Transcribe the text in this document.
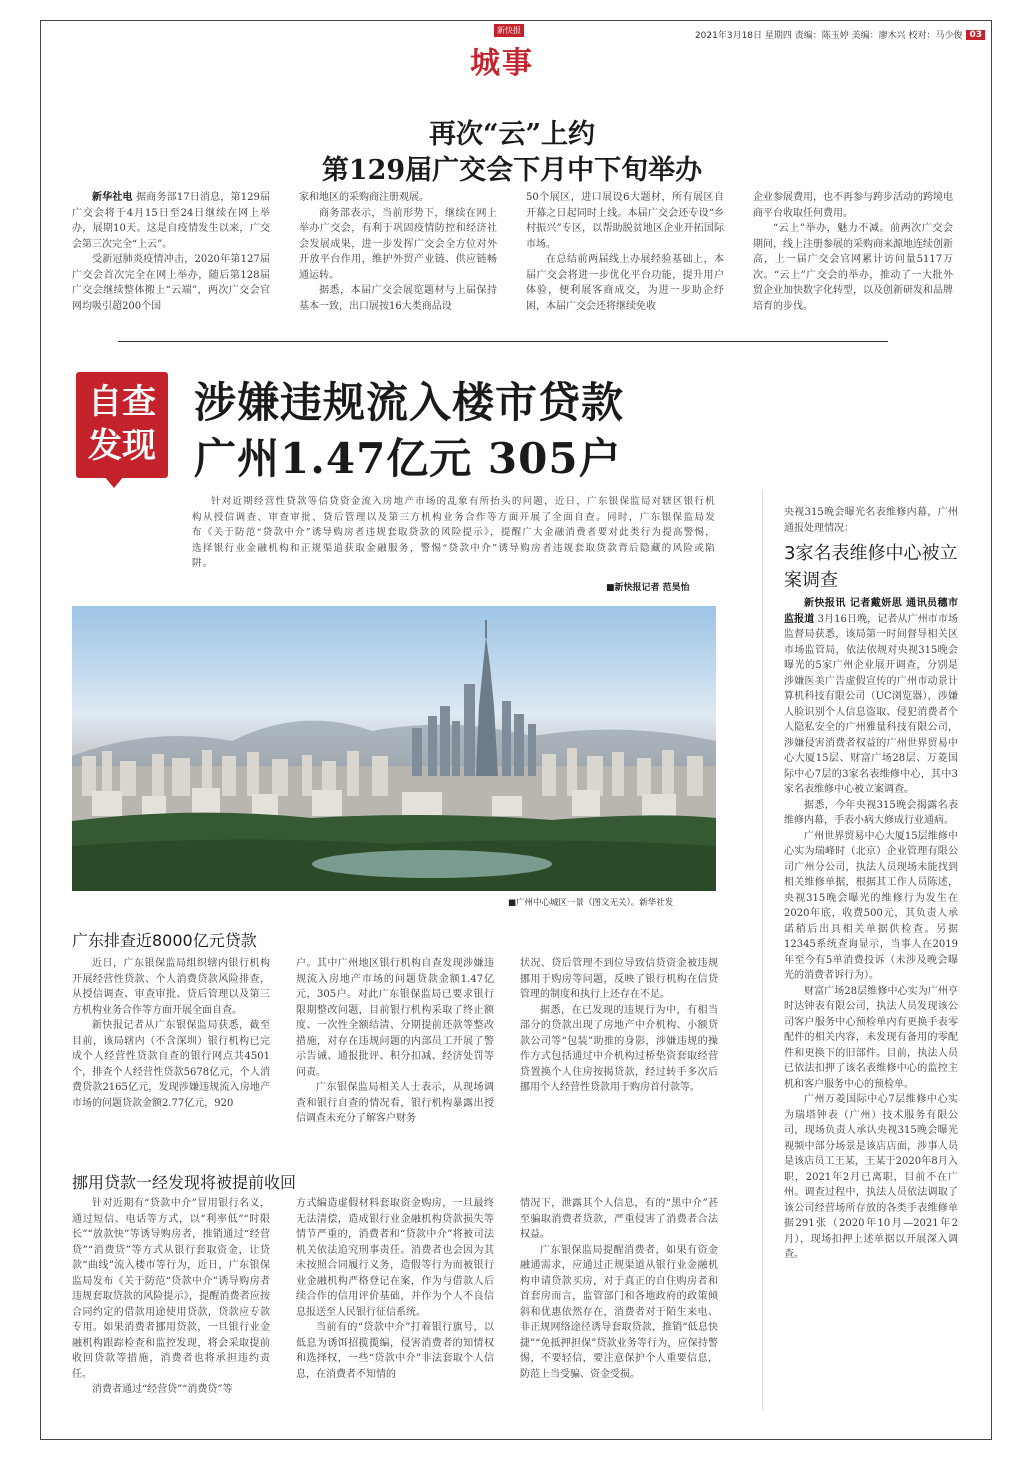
2021年3月18日 星期四 责编：陈玉婷 美编：廖木兴 校对：马少俊 03
新快报
城事
再次“云”上约
第129届广交会下月中下旬举办

新华社电 据商务部17日消息，第129届广交会将于4月15日至24日继续在网上举办，展期10天。这是自疫情发生以来，广交会第三次完全“上云”。

受新冠肺炎疫情冲击，2020年第127届广交会首次完全在网上举办，随后第128届广交会继续整体搬上“云端”，两次广交会官网均吸引超200个国

家和地区的采购商注册观展。

商务部表示，当前形势下，继续在网上举办广交会，有利于巩固疫情防控和经济社会发展成果，进一步发挥广交会全方位对外开放平台作用，维护外贸产业链、供应链畅通运转。

据悉，本届广交会展览题材与上届保持基本一致，出口展按16大类商品设

50个展区，进口展设6大题材，所有展区自开幕之日起同时上线。本届广交会还专设“乡村振兴”专区，以帮助脱贫地区企业开拓国际市场。

在总结前两届线上办展经验基础上，本届广交会将进一步优化平台功能，提升用户体验，便利展客商成交，为进一步助企纾困，本届广交会还将继续免收

企业参展费用，也不再参与跨步活动的跨境电商平台收取任何费用。

“云上”举办，魅力不减。前两次广交会期间，线上注册参展的采购商来源地连续创新高，上一届广交会官网累计访问量5117万次。“云上”广交会的举办，推动了一大批外贸企业加快数字化转型，以及创新研发和品牌培育的步伐。

自查
发现
涉嫌违规流入楼市贷款
广州1.47亿元 305户

针对近期经营性贷款等信贷资金流入房地产市场的乱象有所抬头的问题，近日，广东银保监局对辖区银行机构从授信调查、审查审批、贷后管理以及第三方机构业务合作等方面开展了全面自查。同时，广东银保监局发布《关于防范“贷款中介”诱导购房者违规套取贷款的风险提示》，提醒广大金融消费者要对此类行为提高警惕，选择银行业金融机构和正规渠道获取金融服务，警惕“贷款中介”诱导购房者违规套取贷款背后隐藏的风险或陷阱。

■新快报记者 范昊怡
■广州中心城区一景（图文无关）。新华社发
广东排查近8000亿元贷款

近日，广东银保监局组织辖内银行机构开展经营性贷款、个人消费贷款风险排查，从授信调查、审查审批、贷后管理以及第三方机构业务合作等方面开展全面自查。

新快报记者从广东银保监局获悉，截至目前，该局辖内（不含深圳）银行机构已完成个人经营性贷款自查的银行网点共4501个，排查个人经营性贷款5678亿元，个人消费贷款2165亿元，发现涉嫌违规流入房地产市场的问题贷款金额2.77亿元，920

户。其中广州地区银行机构自查发现涉嫌违规流入房地产市场的问题贷款金额1.47亿元，305户。对此广东银保监局已要求银行限期整改问题，目前银行机构采取了终止额度、一次性全额结清、分期提前还款等整改措施，对存在违规问题的内部员工开展了警示告诫、通报批评、积分扣减、经济处罚等问责。

广东银保监局相关人士表示，从现场调查和银行自查的情况看，银行机构暴露出授信调查未充分了解客户财务

状况、贷后管理不到位导致信贷资金被违规挪用于购房等问题，反映了银行机构在信贷管理的制度和执行上还存在不足。

据悉，在已发现的违规行为中，有相当部分的贷款出现了房地产中介机构、小额贷款公司等“包装”助推的身影，涉嫌违规的操作方式包括通过中介机构过桥垫资套取经营贷置换个人住房按揭贷款，经过转手多次后挪用个人经营性贷款用于购房首付款等。

挪用贷款一经发现将被提前收回

针对近期有“贷款中介”冒用银行名义，通过短信、电话等方式，以“利率低”“时限长”“放款快”等诱导购房者，推销通过“经营贷”“消费贷”等方式从银行套取资金，让贷款“曲线”流入楼市等行为，近日，广东银保监局发布《关于防范“贷款中介”诱导购房者违规套取贷款的风险提示》，提醒消费者应按合同约定的借款用途使用贷款，贷款应专款专用。如果消费者挪用贷款，一旦银行业金融机构跟踪检查和监控发现，将会采取提前收回贷款等措施，消费者也将承担违约责任。

消费者通过“经营贷”“消费贷”等

方式编造虚假材料套取资金购房，一旦最终无法清偿，造成银行业金融机构贷款损失等情节严重的，消费者和“贷款中介”将被司法机关依法追究刑事责任。消费者也会因为其未按照合同履行义务，造假等行为而被银行业金融机构严格登记在案，作为与借款人后续合作的信用评价基础，并作为个人不良信息报送至人民银行征信系统。

当前有的“贷款中介”打着银行旗号，以低息为诱饵招揽揽编，侵害消费者的知情权和选择权，一些“贷款中介”非法套取个人信息，在消费者不知情的

情况下，泄露其个人信息，有的“黑中介”甚至骗取消费者贷款，严重侵害了消费者合法权益。

广东银保监局提醒消费者，如果有资金融通需求，应通过正规渠道从银行业金融机构申请贷款买房，对于真正的自住购房者和首套房而言，监管部门和各地政府的政策倾斜和优惠依然存在，消费者对于陌生来电、非正规网络途径诱导套取贷款，推销“低息快捷”“免抵押担保”贷款业务等行为，应保持警惕，不要轻信，要注意保护个人重要信息，防范上当受骗、资金受损。

央视315晚会曝光名表维修内幕，广州通报处理情况：

3家名表维修中心被立案调查

新快报讯 记者戴妍思 通讯员穗市监报道 3月16日晚，记者从广州市市场监督局获悉，该局第一时间督导相关区市场监管局，依法依规对央视315晚会曝光的5家广州企业展开调查，分别是涉嫌医美广告虚假宣传的广州市动景计算机科技有限公司（UC浏览器），涉嫌人脸识别个人信息盗取、侵犯消费者个人隐私安全的广州雅量科技有限公司，涉嫌侵害消费者权益的广州世界贸易中心大厦15层、财富广场28层、万菱国际中心7层的3家名表维修中心，其中3家名表维修中心被立案调查。

据悉，今年央视315晚会揭露名表维修内幕，手表小病大修成行业通病。

广州世界贸易中心大厦15层维修中心实为瑞峰时（北京）企业管理有限公司广州分公司，执法人员现场未能找到相关维修单据，根据其工作人员陈述，央视315晚会曝光的维修行为发生在2020年底，收费500元，其负责人承诺稍后出具相关单据供检查。另据12345系统查询显示，当事人在2019年至今有5单消费投诉（未涉及晚会曝光的消费者诉行为）。

财富广场28层维修中心实为广州亨时达钟表有限公司，执法人员发现该公司客户服务中心预检单内有更换手表零配件的相关内容，未发现有备用的零配件和更换下的旧部件。目前，执法人员已依法扣押了该名表维修中心的监控主机和客户服务中心的预检单。

广州万菱国际中心7层维修中心实为瑞塔钟表（广州）技术服务有限公司，现场负责人承认央视315晚会曝光视频中部分场景是该店店面，涉事人员是该店员工王某，王某于2020年8月入职，2021年2月已离职，目前不在广州。调查过程中，执法人员依法调取了该公司经营场所存放的各类手表维修单据291张（2020年10月—2021年2月），现场扣押上述单据以开展深入调查。
